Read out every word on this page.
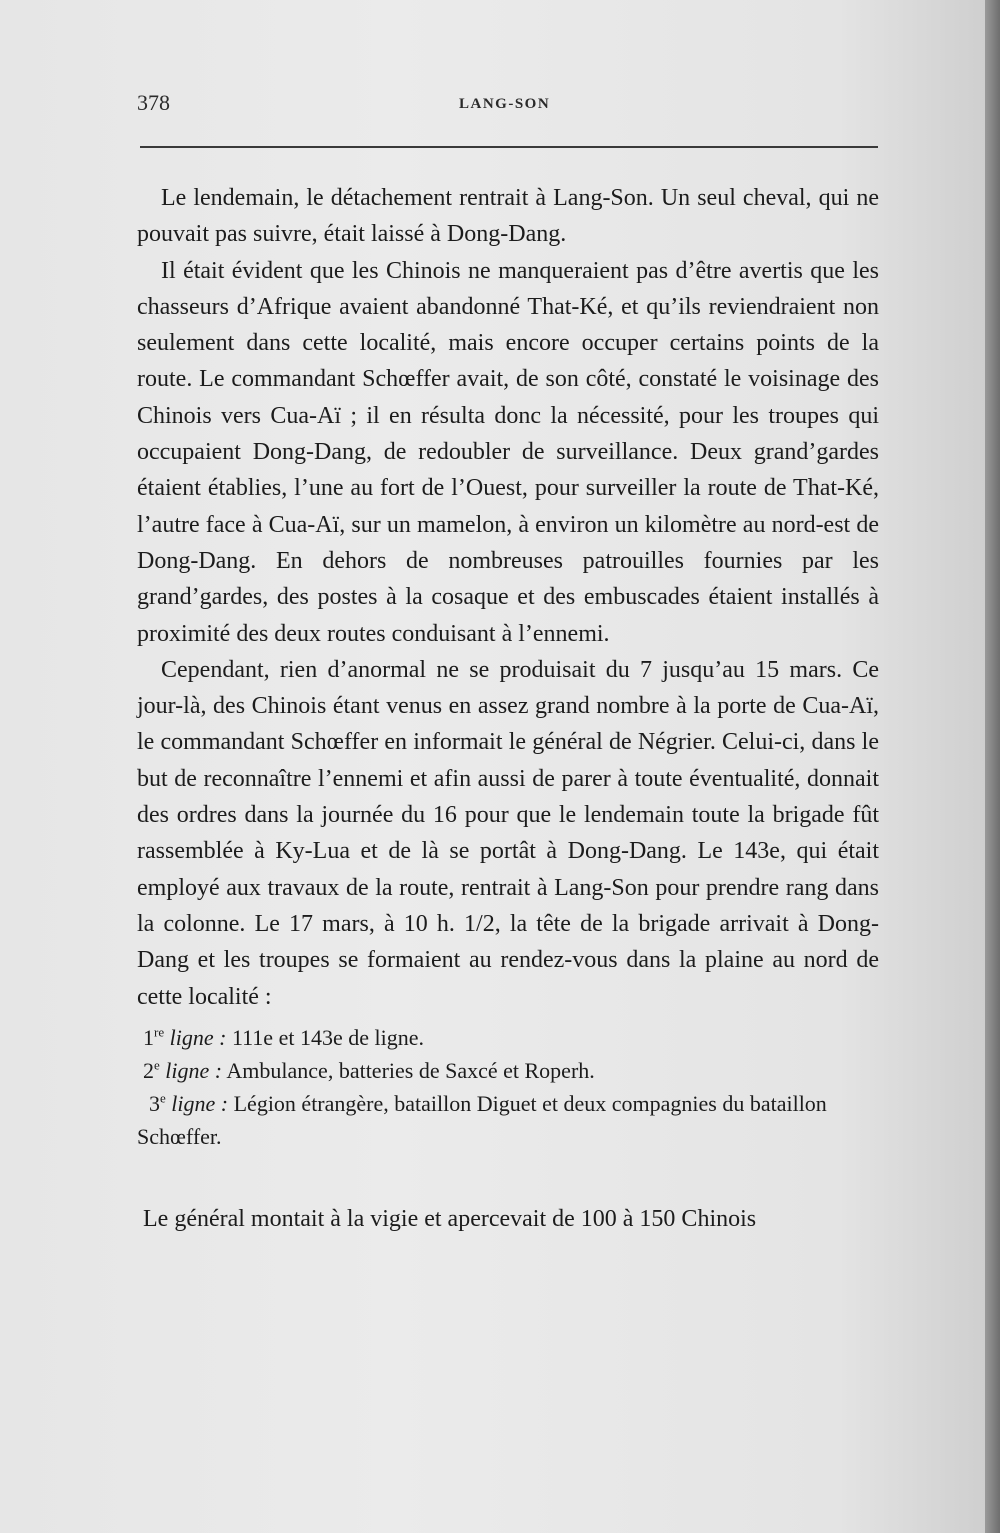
378	LANG-SON

Le lendemain, le détachement rentrait à Lang-Son. Un seul cheval, qui ne pouvait pas suivre, était laissé à Dong-Dang.

Il était évident que les Chinois ne manqueraient pas d’être avertis que les chasseurs d’Afrique avaient abandonné That-Ké, et qu’ils reviendraient non seulement dans cette localité, mais encore occuper certains points de la route. Le commandant Schœffer avait, de son côté, constaté le voisinage des Chinois vers Cua-Aï ; il en résulta donc la nécessité, pour les troupes qui occupaient Dong-Dang, de redoubler de surveillance. Deux grand’gardes étaient établies, l’une au fort de l’Ouest, pour surveiller la route de That-Ké, l’autre face à Cua-Aï, sur un mamelon, à environ un kilomètre au nord-est de Dong-Dang. En dehors de nombreuses patrouilles fournies par les grand’gardes, des postes à la cosaque et des embuscades étaient installés à proximité des deux routes conduisant à l’ennemi.

Cependant, rien d’anormal ne se produisait du 7 jusqu’au 15 mars. Ce jour-là, des Chinois étant venus en assez grand nombre à la porte de Cua-Aï, le commandant Schœffer en informait le général de Négrier. Celui-ci, dans le but de reconnaître l’ennemi et afin aussi de parer à toute éventualité, donnait des ordres dans la journée du 16 pour que le lendemain toute la brigade fût rassemblée à Ky-Lua et de là se portât à Dong-Dang. Le 143e, qui était employé aux travaux de la route, rentrait à Lang-Son pour prendre rang dans la colonne. Le 17 mars, à 10 h. 1/2, la tête de la brigade arrivait à Dong-Dang et les troupes se formaient au rendez-vous dans la plaine au nord de cette localité :

1re ligne : 111e et 143e de ligne.

2e ligne : Ambulance, batteries de Saxcé et Roperh.

3e ligne : Légion étrangère, bataillon Diguet et deux compagnies du bataillon Schœffer.

Le général montait à la vigie et apercevait de 100 à 150 Chinois
